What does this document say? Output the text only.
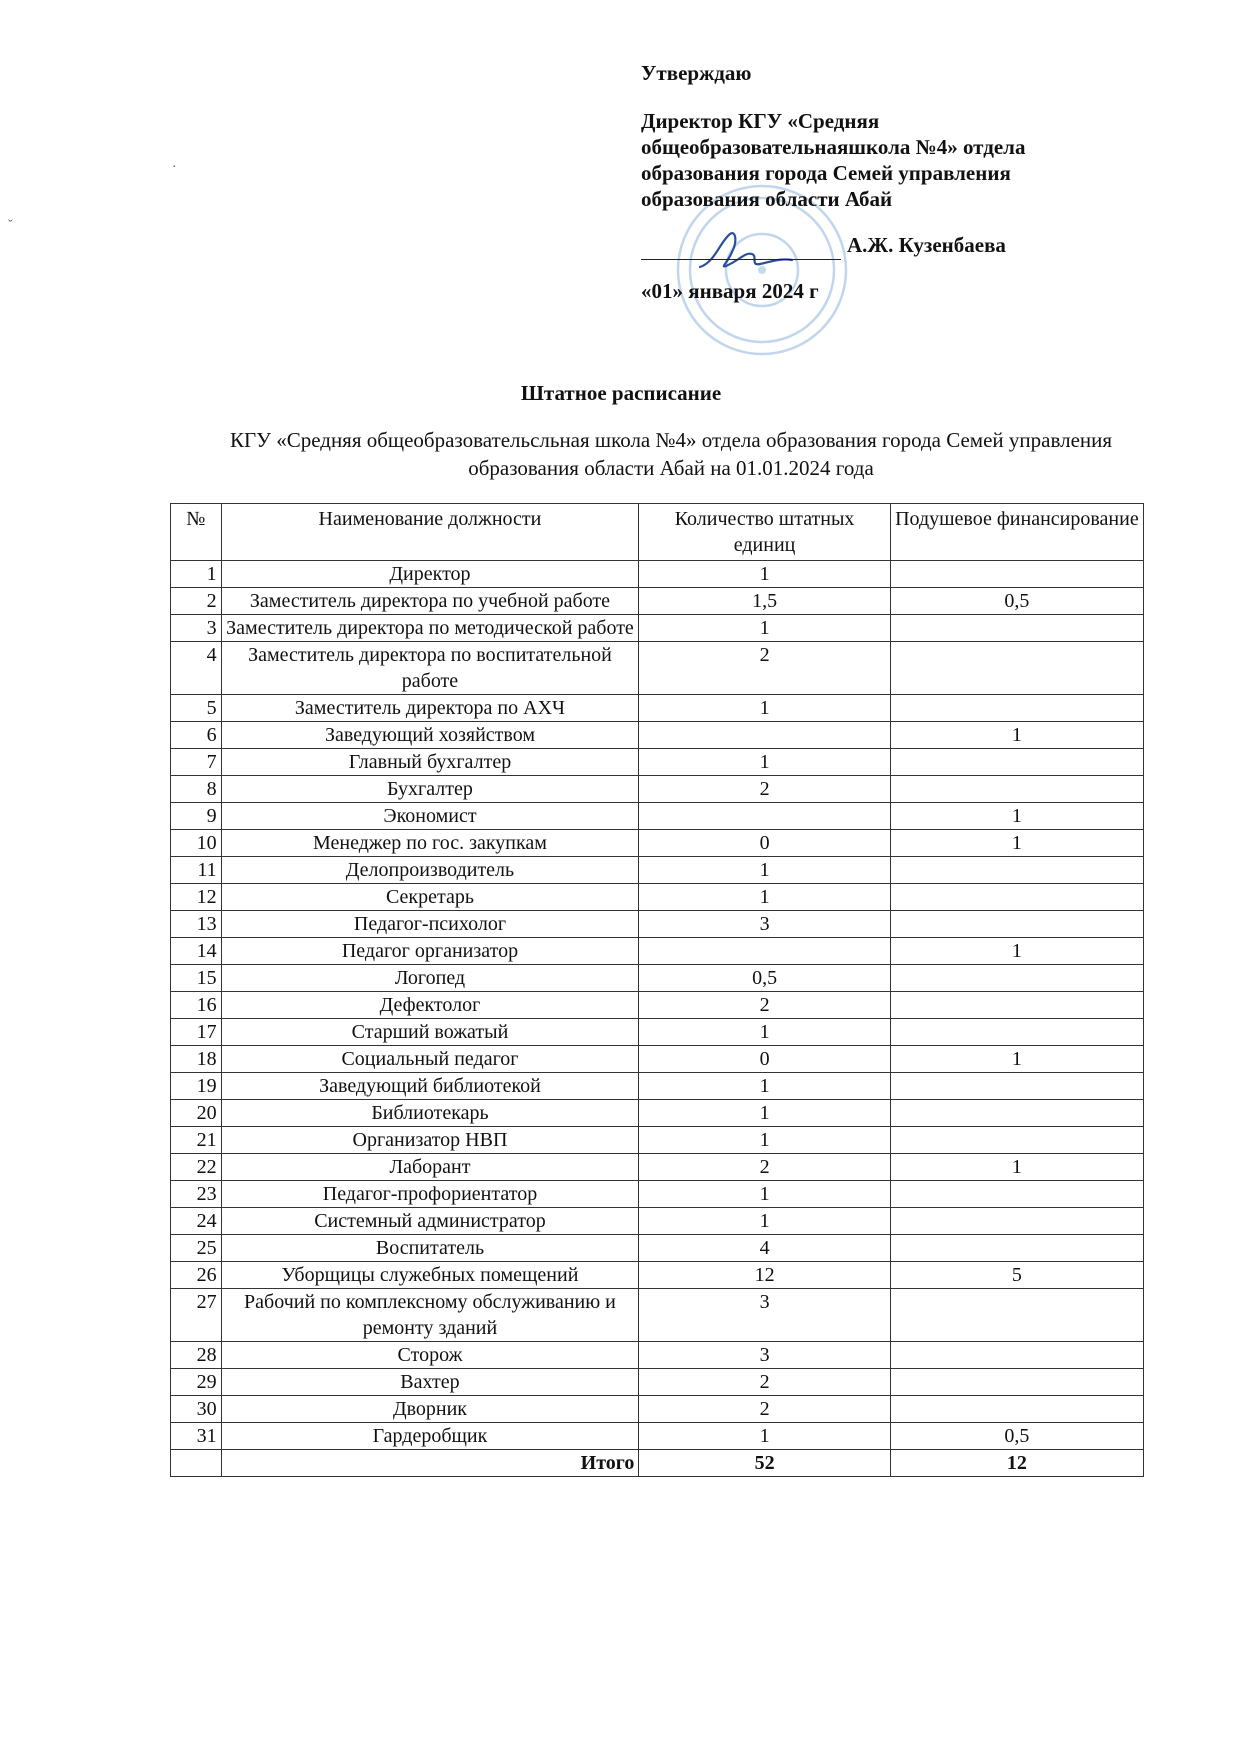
·
ˇ
Утверждаю
Директор КГУ «Средняя
общеобразовательнаяшкола №4» отдела
образования города Семей управления
образования области Абай
А.Ж. Кузенбаева
«01» января 2024 г
Штатное расписание
КГУ «Средняя общеобразовательсльная школа №4» отдела образования города Семей управления образования области Абай на 01.01.2024 года
№	Наименование должности	Количество штатных единиц	Подушевое финансирование
1	Директор	1	
2	Заместитель директора по учебной работе	1,5	0,5
3	Заместитель директора по методической работе	1	
4	Заместитель директора по воспитательной работе	2	
5	Заместитель директора по АХЧ	1	
6	Заведующий хозяйством		1
7	Главный бухгалтер	1	
8	Бухгалтер	2	
9	Экономист		1
10	Менеджер по гос. закупкам	0	1
11	Делопроизводитель	1	
12	Секретарь	1	
13	Педагог-психолог	3	
14	Педагог организатор		1
15	Логопед	0,5	
16	Дефектолог	2	
17	Старший вожатый	1	
18	Социальный педагог	0	1
19	Заведующий библиотекой	1	
20	Библиотекарь	1	
21	Организатор НВП	1	
22	Лаборант	2	1
23	Педагог-профориентатор	1	
24	Системный администратор	1	
25	Воспитатель	4	
26	Уборщицы служебных помещений	12	5
27	Рабочий по комплексному обслуживанию и ремонту зданий	3	
28	Сторож	3	
29	Вахтер	2	
30	Дворник	2	
31	Гардеробщик	1	0,5
	Итого	52	12
